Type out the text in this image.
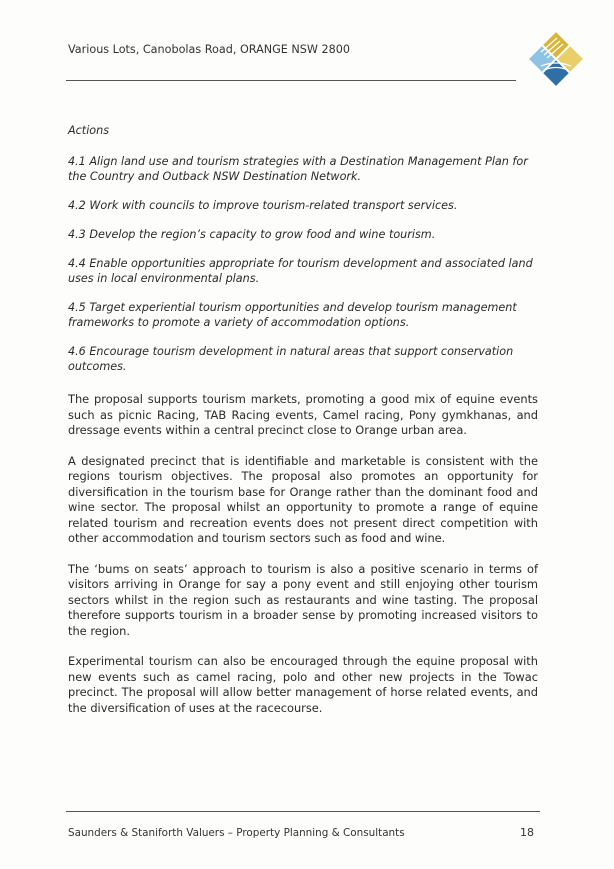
Various Lots, Canobolas Road, ORANGE NSW 2800

Actions

4.1 Align land use and tourism strategies with a Destination Management Plan for the Country and Outback NSW Destination Network.

4.2 Work with councils to improve tourism-related transport services.

4.3 Develop the region’s capacity to grow food and wine tourism.

4.4 Enable opportunities appropriate for tourism development and associated land uses in local environmental plans.

4.5 Target experiential tourism opportunities and develop tourism management frameworks to promote a variety of accommodation options.

4.6 Encourage tourism development in natural areas that support conservation outcomes.

The proposal supports tourism markets, promoting a good mix of equine events such as picnic Racing, TAB Racing events, Camel racing, Pony gymkhanas, and dressage events within a central precinct close to Orange urban area.

A designated precinct that is identifiable and marketable is consistent with the regions tourism objectives. The proposal also promotes an opportunity for diversification in the tourism base for Orange rather than the dominant food and wine sector. The proposal whilst an opportunity to promote a range of equine related tourism and recreation events does not present direct competition with other accommodation and tourism sectors such as food and wine.

The ‘bums on seats’ approach to tourism is also a positive scenario in terms of visitors arriving in Orange for say a pony event and still enjoying other tourism sectors whilst in the region such as restaurants and wine tasting. The proposal therefore supports tourism in a broader sense by promoting increased visitors to the region.

Experimental tourism can also be encouraged through the equine proposal with new events such as camel racing, polo and other new projects in the Towac precinct. The proposal will allow better management of horse related events, and the diversification of uses at the racecourse.

Saunders & Staniforth Valuers – Property Planning & Consultants	18
